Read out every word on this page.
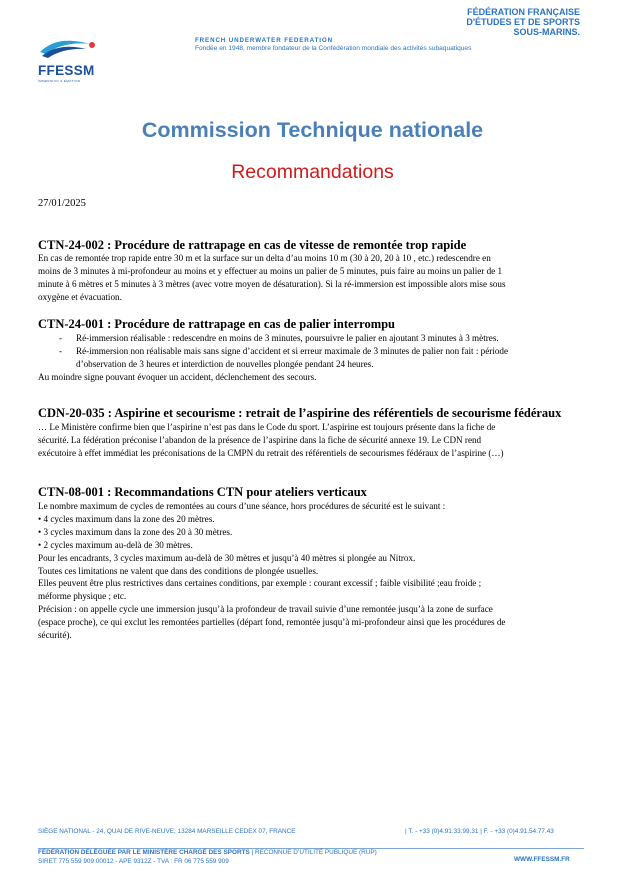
FFESSM
IMMERSION & EMOTION
FÉDÉRATION FRANÇAISE
D'ÉTUDES ET DE SPORTS
SOUS-MARINS.
FRENCH UNDERWATER FEDERATION
Fondée en 1948, membre fondateur de la Confédération mondiale des activités subaquatiques
Commission Technique nationale
Recommandations
27/01/2025
CTN-24-002 : Procédure de rattrapage en cas de vitesse de remontée trop rapide

En cas de remontée trop rapide entre 30 m et la surface sur un delta d’au moins 10 m (30 à 20, 20 à 10 , etc.) redescendre en

moins de 3 minutes à mi-profondeur au moins et y effectuer au moins un palier de 5 minutes, puis faire au moins un palier de 1

minute à 6 mètres et 5 minutes à 3 mètres (avec votre moyen de désaturation). Si la ré-immersion est impossible alors mise sous

oxygène et évacuation.

CTN-24-001 : Procédure de rattrapage en cas de palier interrompu

- Ré-immersion réalisable : redescendre en moins de 3 minutes, poursuivre le palier en ajoutant 3 minutes à 3 mètres.

- Ré-immersion non réalisable mais sans signe d’accident et si erreur maximale de 3 minutes de palier non fait : période

d’observation de 3 heures et interdiction de nouvelles plongée pendant 24 heures.

Au moindre signe pouvant évoquer un accident, déclenchement des secours.

CDN-20-035 : Aspirine et secourisme : retrait de l’aspirine des référentiels de secourisme fédéraux

… Le Ministère confirme bien que l’aspirine n’est pas dans le Code du sport. L’aspirine est toujours présente dans la fiche de

sécurité. La fédération préconise l’abandon de la présence de l’aspirine dans la fiche de sécurité annexe 19. Le CDN rend

exécutoire à effet immédiat les préconisations de la CMPN du retrait des référentiels de secourismes fédéraux de l’aspirine (…)

CTN-08-001 : Recommandations CTN pour ateliers verticaux

Le nombre maximum de cycles de remontées au cours d’une séance, hors procédures de sécurité est le suivant :

• 4 cycles maximum dans la zone des 20 mètres.

• 3 cycles maximum dans la zone des 20 à 30 mètres.

• 2 cycles maximum au-delà de 30 mètres.

Pour les encadrants, 3 cycles maximum au-delà de 30 mètres et jusqu’à 40 mètres si plongée au Nitrox.

Toutes ces limitations ne valent que dans des conditions de plongée usuelles.

Elles peuvent être plus restrictives dans certaines conditions, par exemple : courant excessif ; faible visibilité ;eau froide ;

méforme physique ; etc.

Précision : on appelle cycle une immersion jusqu’à la profondeur de travail suivie d’une remontée jusqu’à la zone de surface

(espace proche), ce qui exclut les remontées partielles (départ fond, remontée jusqu’à mi-profondeur ainsi que les procédures de

sécurité).

SIÈGE NATIONAL - 24, QUAI DE RIVE-NEUVE, 13284 MARSEILLE CEDEX 07, FRANCE	| T. - +33 (0)4.91.33.99.31 | F. - +33 (0)4.91.54.77.43
FÉDÉRATION DÉLÉGUÉE PAR LE MINISTÈRE CHARGÉ DES SPORTS | RECONNUE D’UTILITÉ PUBLIQUE (RUP)
SIRET 775 559 909 00012 - APE 9312Z - TVA : FR 06 775 559 909	WWW.FFESSM.FR
